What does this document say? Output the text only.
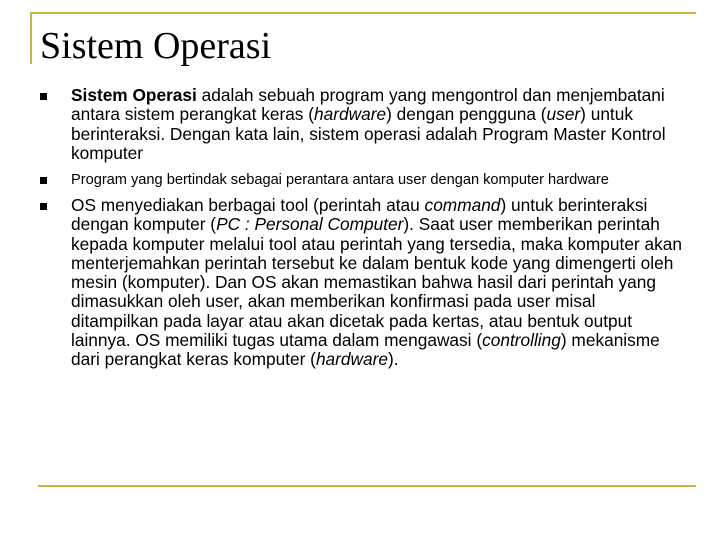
Sistem Operasi
Sistem Operasi adalah sebuah program yang mengontrol dan menjembatani antara sistem perangkat keras (hardware) dengan pengguna (user) untuk berinteraksi. Dengan kata lain, sistem operasi adalah Program Master Kontrol komputer
Program yang bertindak sebagai perantara antara user dengan komputer hardware
OS menyediakan berbagai tool (perintah atau command) untuk berinteraksi dengan komputer (PC : Personal Computer). Saat user memberikan perintah kepada komputer melalui tool atau perintah yang tersedia, maka komputer akan menterjemahkan perintah tersebut ke dalam bentuk kode yang dimengerti oleh mesin (komputer). Dan OS akan memastikan bahwa hasil dari perintah yang dimasukkan oleh user, akan memberikan konfirmasi pada user misal ditampilkan pada layar atau akan dicetak pada kertas, atau bentuk output lainnya. OS memiliki tugas utama dalam mengawasi (controlling) mekanisme dari perangkat keras komputer (hardware).
